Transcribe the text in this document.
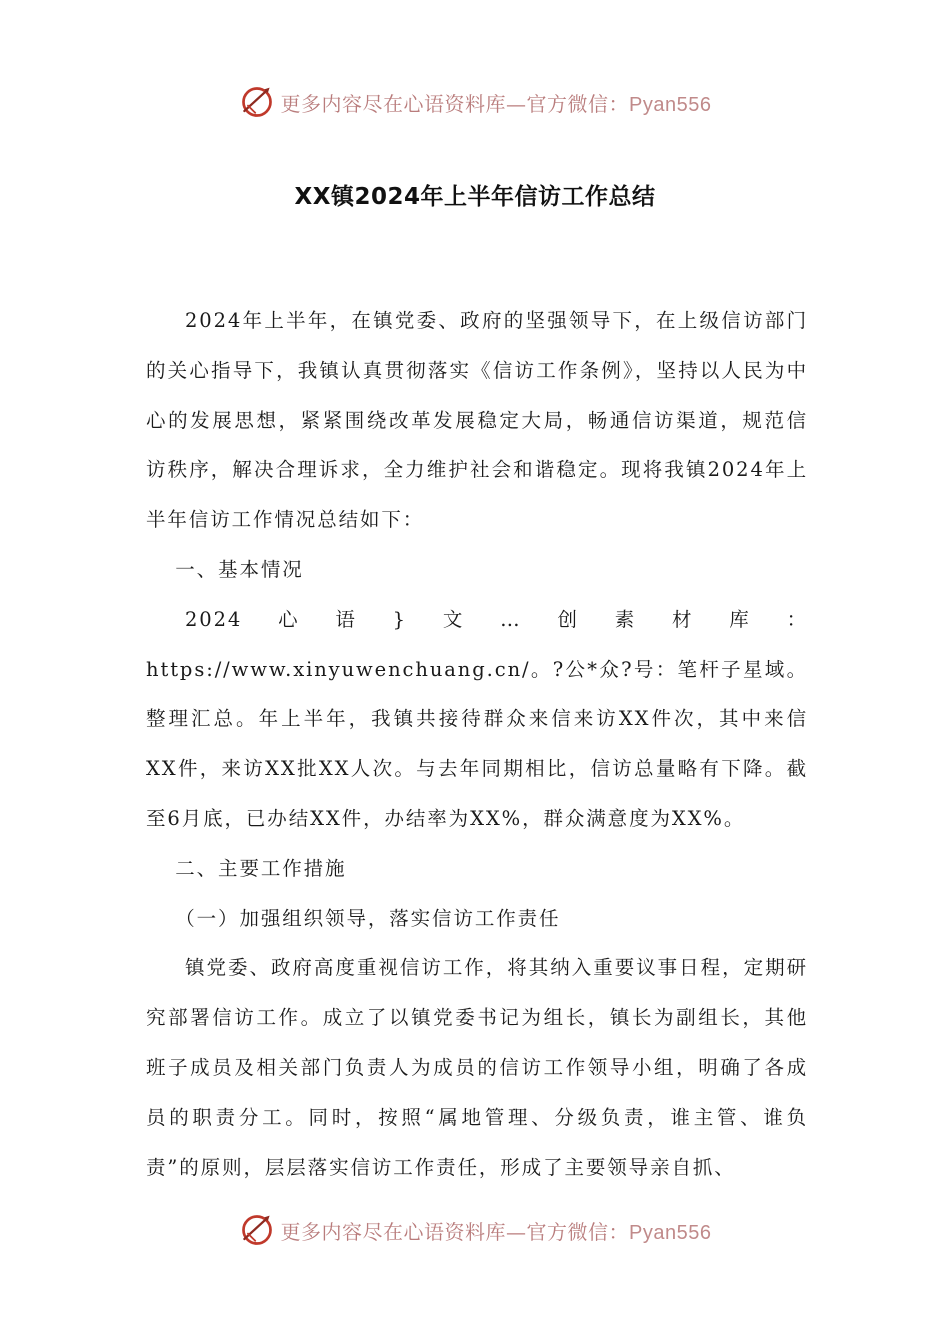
更多内容尽在心语资料库—官方微信：Pyan556
XX镇2024年上半年信访工作总结

2024年上半年，在镇党委、政府的坚强领导下，在上级信访部门的关心指导下，我镇认真贯彻落实《信访工作条例》，坚持以人民为中心的发展思想，紧紧围绕改革发展稳定大局，畅通信访渠道，规范信访秩序，解决合理诉求，全力维护社会和谐稳定。现将我镇2024年上半年信访工作情况总结如下：

一、基本情况

2024心语}文…创素材库：https://www.xinyuwenchuang.cn/。?公*众?号：笔杆子星域。整理汇总。年上半年，我镇共接待群众来信来访XX件次，其中来信XX件，来访XX批XX人次。与去年同期相比，信访总量略有下降。截至6月底，已办结XX件，办结率为XX%，群众满意度为XX%。

二、主要工作措施

（一）加强组织领导，落实信访工作责任

镇党委、政府高度重视信访工作，将其纳入重要议事日程，定期研究部署信访工作。成立了以镇党委书记为组长，镇长为副组长，其他班子成员及相关部门负责人为成员的信访工作领导小组，明确了各成员的职责分工。同时，按照“属地管理、分级负责，谁主管、谁负责”的原则，层层落实信访工作责任，形成了主要领导亲自抓、

更多内容尽在心语资料库—官方微信：Pyan556
